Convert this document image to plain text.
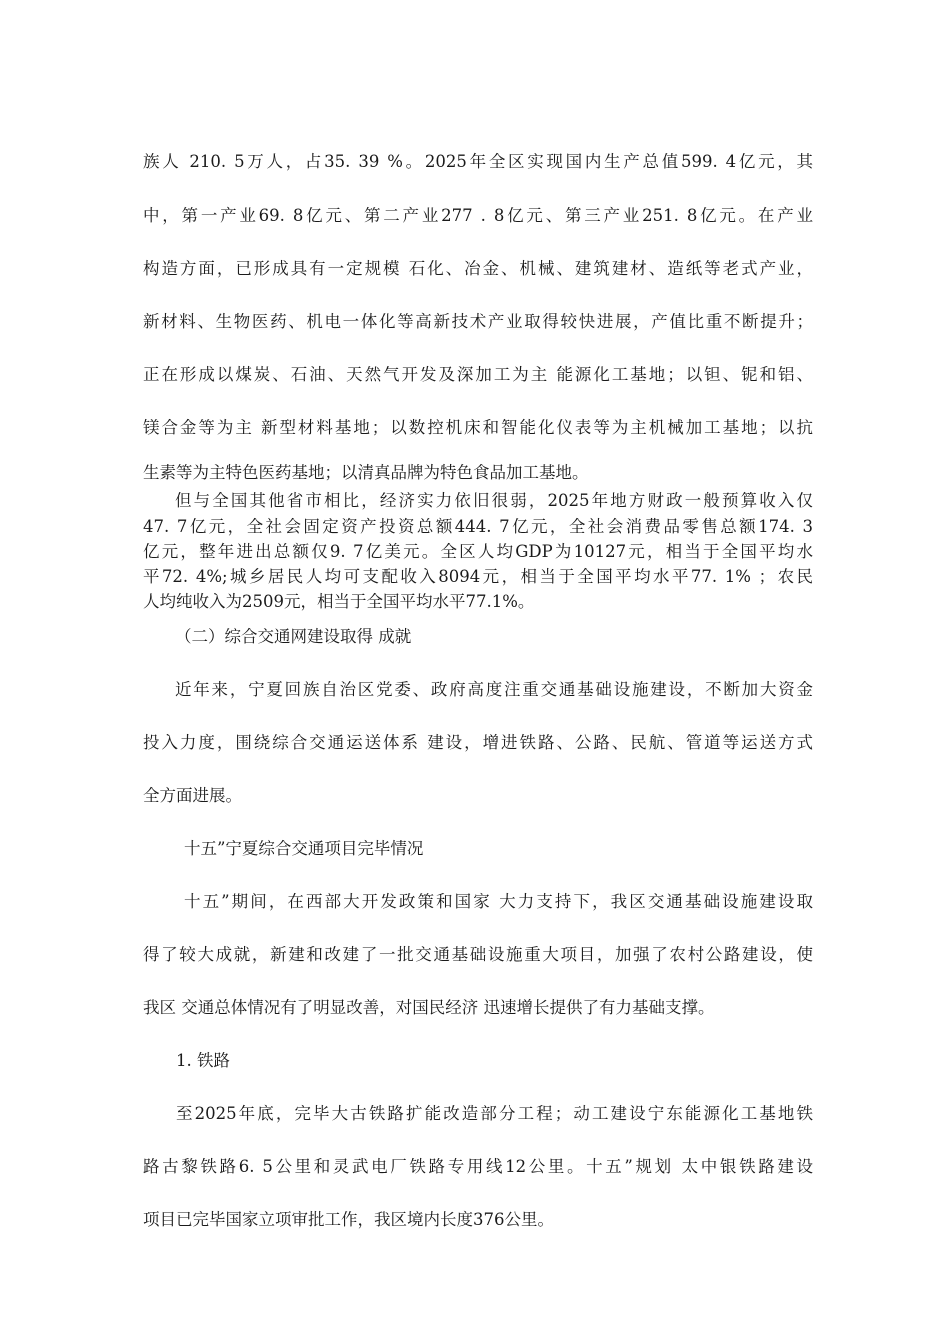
族人 210. 5万人，占35. 39 %。2025年全区实现国内生产总值599. 4亿元，其
中，第一产业69. 8亿元、第二产业277 . 8亿元、第三产业251. 8亿元。在产业
构造方面，已形成具有一定规模 石化、冶金、机械、建筑建材、造纸等老式产业，
新材料、生物医药、机电一体化等高新技术产业取得较快进展，产值比重不断提升；
正在形成以煤炭、石油、天然气开发及深加工为主 能源化工基地；以钽、铌和铝、
镁合金等为主 新型材料基地；以数控机床和智能化仪表等为主机械加工基地；以抗
生素等为主特色医药基地；以清真品牌为特色食品加工基地。
但与全国其他省市相比，经济实力依旧很弱，2025年地方财政一般预算收入仅
47. 7亿元，全社会固定资产投资总额444. 7亿元，全社会消费品零售总额174. 3
亿元，整年进出总额仅9. 7亿美元。全区人均GDP为10127元，相当于全国平均水
平72. 4%;城乡居民人均可支配收入8094元，相当于全国平均水平77. 1% ；农民
人均纯收入为2509元，相当于全国平均水平77.1%。
（二）综合交通网建设取得 成就
近年来，宁夏回族自治区党委、政府高度注重交通基础设施建设，不断加大资金
投入力度，围绕综合交通运送体系 建设，增进铁路、公路、民航、管道等运送方式
全方面进展。
十五”宁夏综合交通项目完毕情况
十五”期间，在西部大开发政策和国家 大力支持下，我区交通基础设施建设取
得了较大成就，新建和改建了一批交通基础设施重大项目，加强了农村公路建设，使
我区 交通总体情况有了明显改善，对国民经济 迅速增长提供了有力基础支撑。
1. 铁路
至2025年底，完毕大古铁路扩能改造部分工程；动工建设宁东能源化工基地铁
路古黎铁路6. 5公里和灵武电厂铁路专用线12公里。十五”规划 太中银铁路建设
项目已完毕国家立项审批工作，我区境内长度376公里。
